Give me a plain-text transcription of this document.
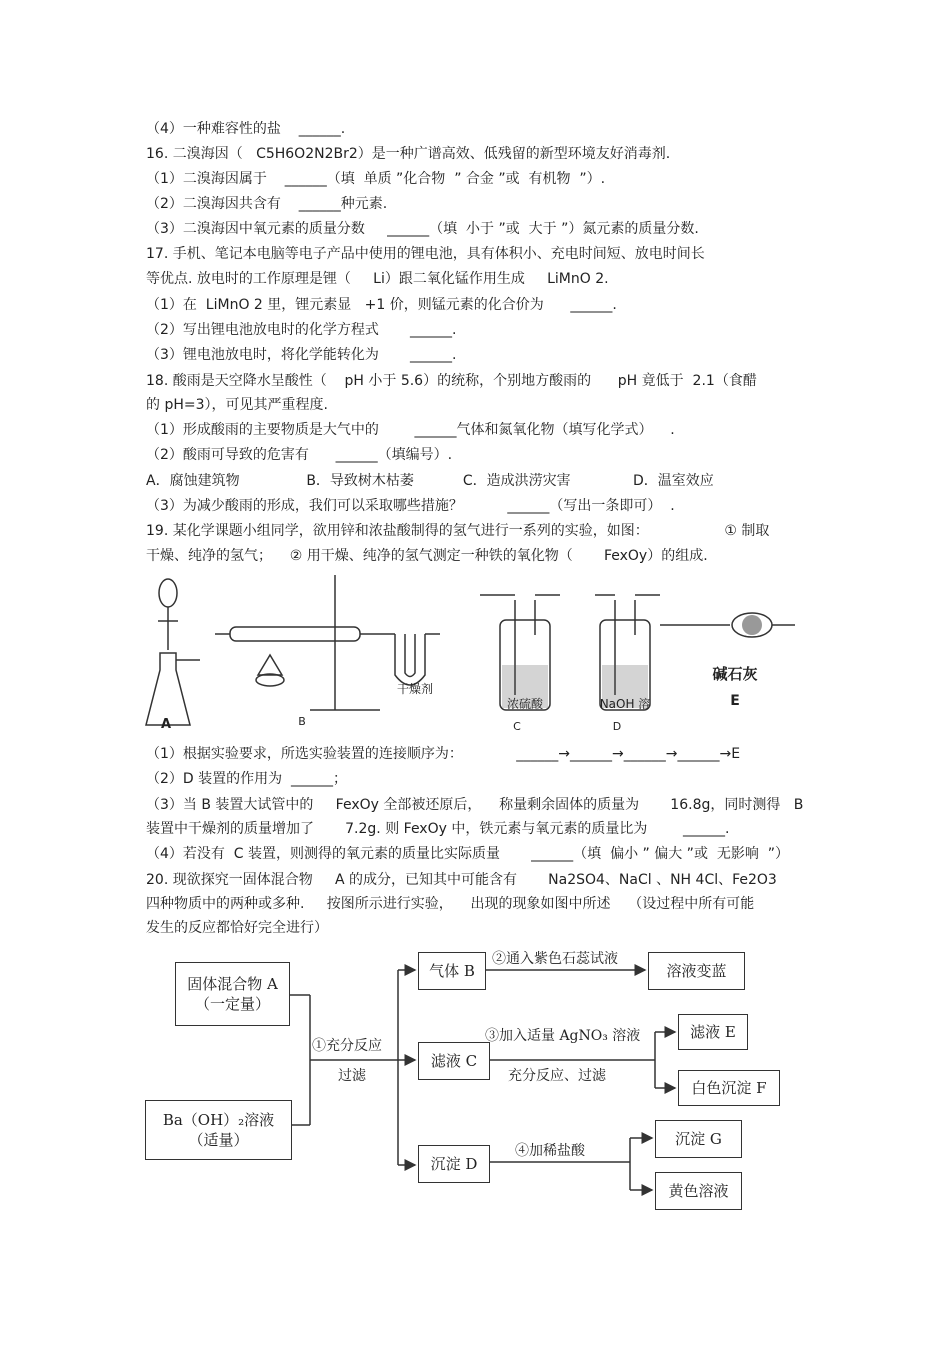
（4）一种难容性的盐    ______.
16. 二溴海因（   C5H6O2N2Br2）是一种广谱高效、低残留的新型环境友好消毒剂.
（1）二溴海因属于    ______（填  单质 ”化合物  ” 合金 ”或  有机物  ”）.
（2）二溴海因共含有    ______种元素.
（3）二溴海因中氧元素的质量分数     ______（填  小于 ”或  大于 ”）氮元素的质量分数.
17. 手机、笔记本电脑等电子产品中使用的锂电池，具有体积小、充电时间短、放电时间长
等优点. 放电时的工作原理是锂（     Li）跟二氧化锰作用生成     LiMnO 2.
（1）在  LiMnO 2 里，锂元素显   +1 价，则锰元素的化合价为      ______.
（2）写出锂电池放电时的化学方程式       ______.
（3）锂电池放电时，将化学能转化为       ______.
18. 酸雨是天空降水呈酸性（    pH 小于 5.6）的统称，个别地方酸雨的      pH 竟低于  2.1（食醋
的 pH=3），可见其严重程度.
（1）形成酸雨的主要物质是大气中的        ______气体和氮氧化物（填写化学式）    .
（2）酸雨可导致的危害有      ______（填编号）.
A．腐蚀建筑物               B．导致树木枯萎           C．造成洪涝灾害              D．温室效应
（3）为减少酸雨的形成，我们可以采取哪些措施？          ______（写出一条即可）  .
19. 某化学课题小组同学，欲用锌和浓盐酸制得的氢气进行一系列的实验，如图：                 ① 制取
干燥、纯净的氢气；    ② 用干燥、纯净的氢气测定一种铁的氧化物（       FexOy）的组成.
A	B
干燥剂
浓硫酸
C
NaOH 溶
D
碱石灰
E
（1）根据实验要求，所选实验装置的连接顺序为：            ______→______→______→______→E
（2）D 装置的作用为  ______；
（3）当 B 装置大试管中的     FexOy 全部被还原后，    称量剩余固体的质量为       16.8g，同时测得   B
装置中干燥剂的质量增加了       7.2g. 则 FexOy 中，铁元素与氧元素的质量比为        ______.
（4）若没有  C 装置，则测得的氧元素的质量比实际质量       ______（填  偏小 ” 偏大 ”或  无影响  ”）
20. 现欲探究一固体混合物     A 的成分，已知其中可能含有       Na2SO4、NaCl 、NH 4Cl、Fe2O3
四种物质中的两种或多种.     按图所示进行实验，    出现的现象如图中所述    （设过程中所有可能
发生的反应都恰好完全进行）
固体混合物 A
（一定量）
Ba（OH）₂溶液
（适量）
①充分反应
过滤
气体 B
②通入紫色石蕊试液
溶液变蓝
滤液 C
③加入适量 AgNO₃ 溶液
充分反应、过滤
滤液 E
白色沉淀 F
沉淀 D
④加稀盐酸
沉淀 G
黄色溶液
